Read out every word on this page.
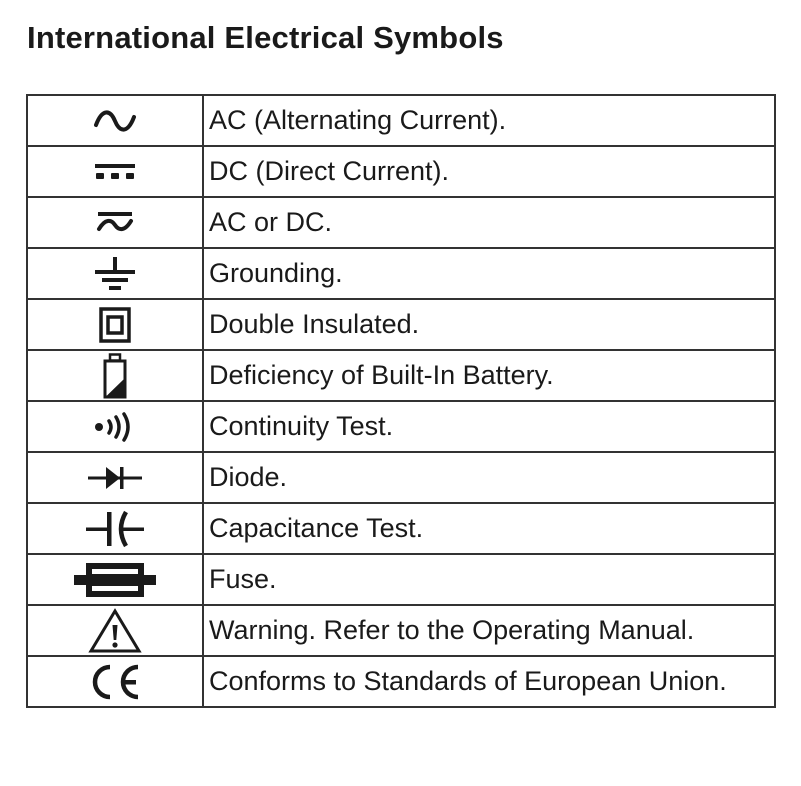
International Electrical Symbols
	AC (Alternating Current).

	DC (Direct Current).

	AC or DC.

	Grounding.

	Double Insulated.

	Deficiency of Built-In Battery.

	Continuity Test.

	Diode.

	Capacitance Test.

	Fuse.

	Warning. Refer to the Operating Manual.

	Conforms to Standards of European Union.
